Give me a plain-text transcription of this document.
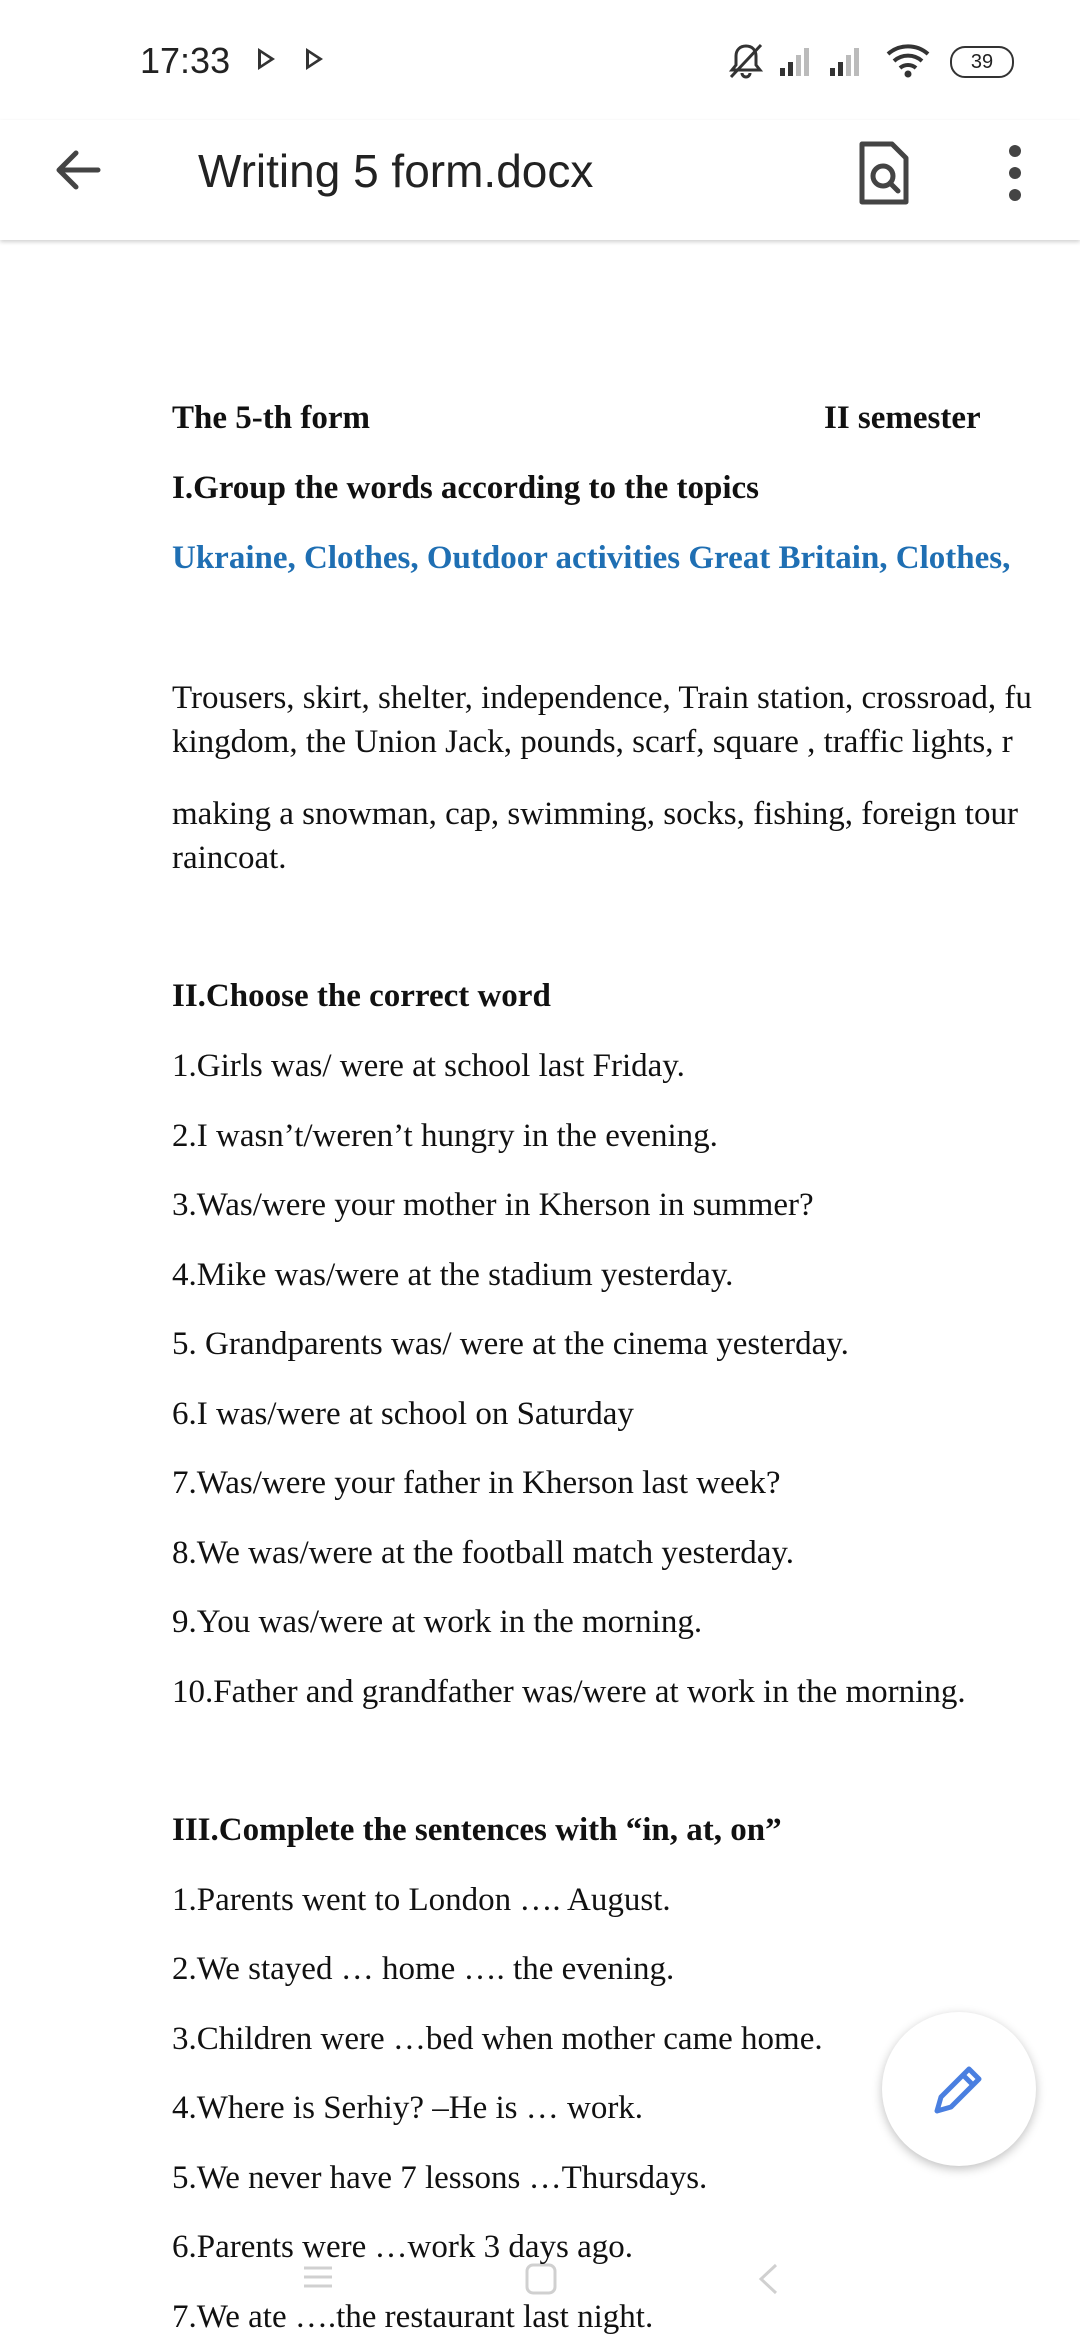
17:33	39
Writing 5 form.docx
The 5-th form	II semester
I.Group the words according to the topics
Ukraine, Clothes, Outdoor activities Great Britain, Clothes,
Trousers, skirt, shelter, independence, Train station, crossroad, fu
kingdom, the Union Jack, pounds, scarf, square , traffic lights, r
making a snowman, cap, swimming, socks, fishing, foreign tour
raincoat.
II.Choose the correct word
1.Girls was/ were at school last Friday.
2.I wasn’t/weren’t hungry in the evening.
3.Was/were your mother in Kherson in summer?
4.Mike was/were at the stadium yesterday.
5. Grandparents was/ were at the cinema yesterday.
6.I was/were at school on Saturday
7.Was/were your father in Kherson last week?
8.We was/were at the football match yesterday.
9.You was/were at work in the morning.
10.Father and grandfather was/were at work in the morning.
III.Complete the sentences with “in, at, on”
1.Parents went to London …. August.
2.We stayed … home …. the evening.
3.Children were …bed when mother came home.
4.Where is Serhiy? –He is … work.
5.We never have 7 lessons …Thursdays.
6.Parents were …work 3 days ago.
7.We ate ….the restaurant last night.
